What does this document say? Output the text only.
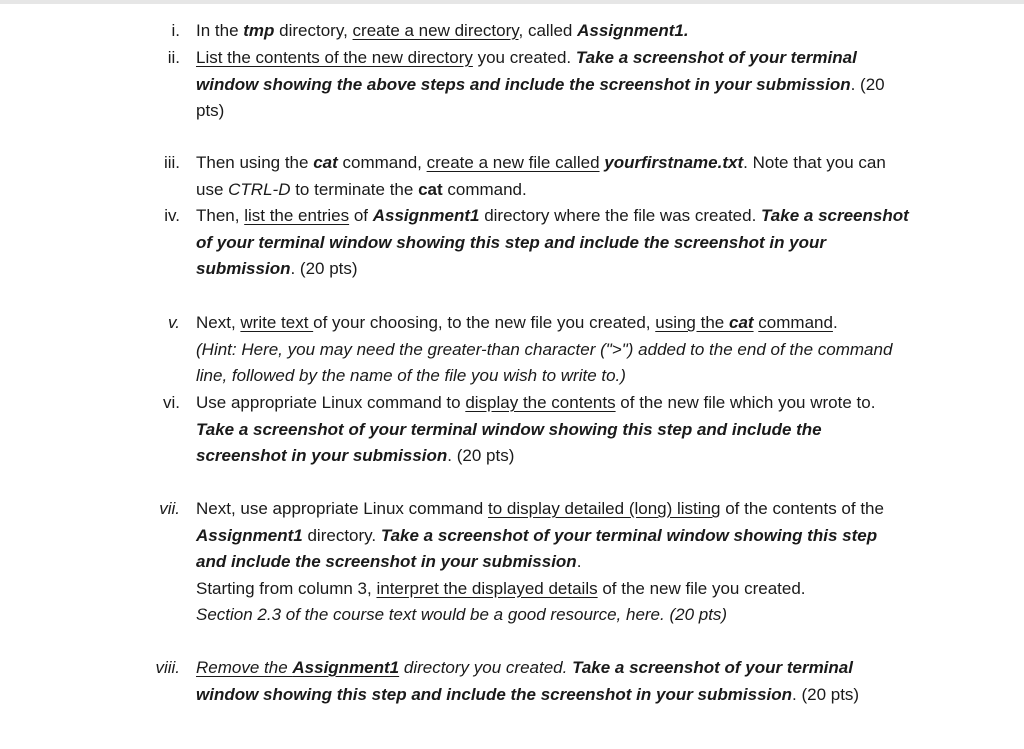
i. In the tmp directory, create a new directory, called Assignment1.
ii. List the contents of the new directory you created. Take a screenshot of your terminal window showing the above steps and include the screenshot in your submission. (20 pts)
iii. Then using the cat command, create a new file called yourfirstname.txt. Note that you can use CTRL-D to terminate the cat command.
iv. Then, list the entries of Assignment1 directory where the file was created. Take a screenshot of your terminal window showing this step and include the screenshot in your submission. (20 pts)
v. Next, write text of your choosing, to the new file you created, using the cat command.
(Hint: Here, you may need the greater-than character (">") added to the end of the command line, followed by the name of the file you wish to write to.)
vi. Use appropriate Linux command to display the contents of the new file which you wrote to. Take a screenshot of your terminal window showing this step and include the screenshot in your submission. (20 pts)
vii. Next, use appropriate Linux command to display detailed (long) listing of the contents of the Assignment1 directory. Take a screenshot of your terminal window showing this step and include the screenshot in your submission.
Starting from column 3, interpret the displayed details of the new file you created.
Section 2.3 of the course text would be a good resource, here. (20 pts)
viii. Remove the Assignment1 directory you created. Take a screenshot of your terminal window showing this step and include the screenshot in your submission. (20 pts)
